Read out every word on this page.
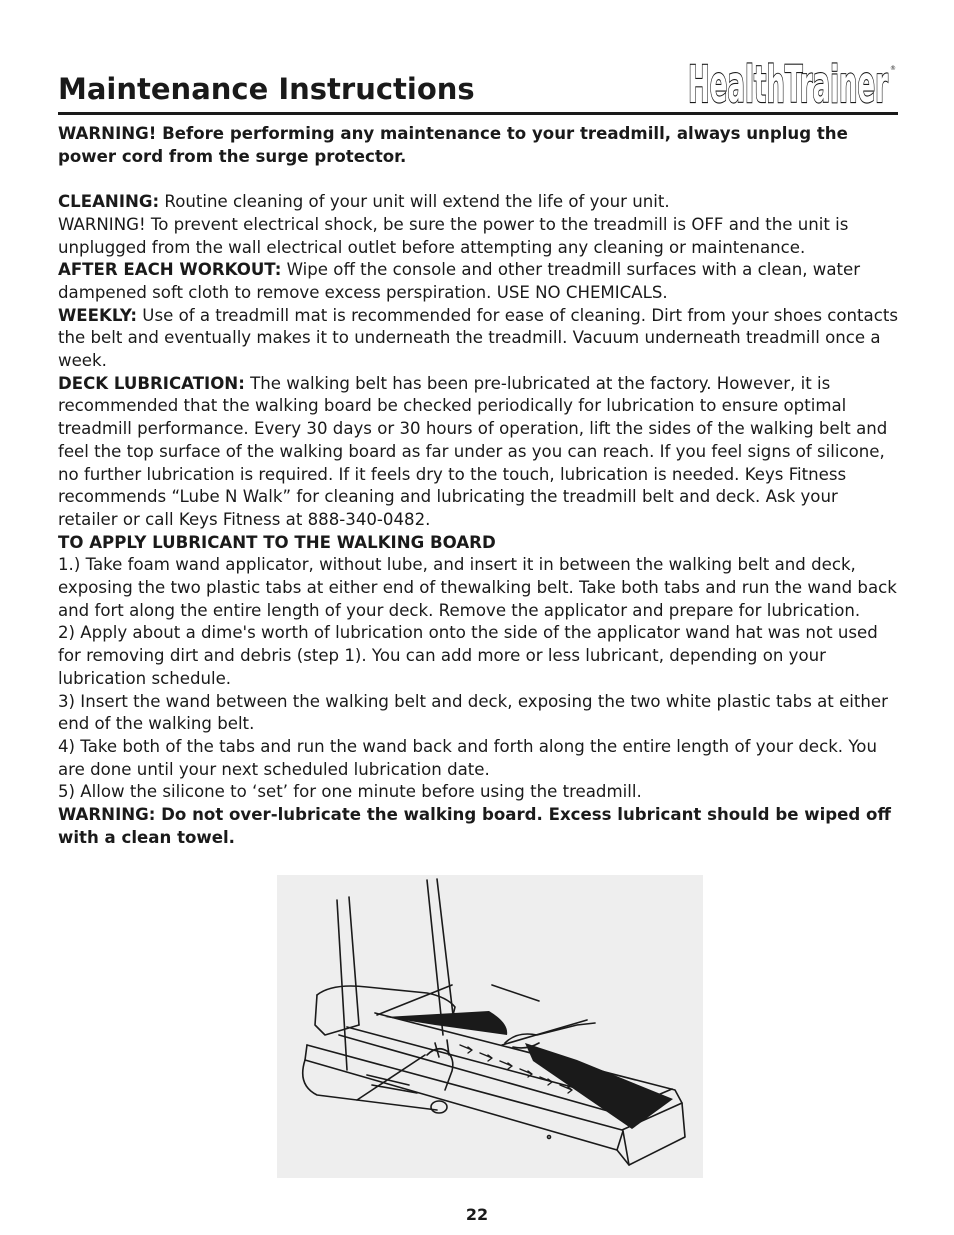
Maintenance Instructions	HealthTrainer ®

WARNING! Before performing any maintenance to your treadmill, always unplug the power cord from the surge protector.

CLEANING: Routine cleaning of your unit will extend the life of your unit.

WARNING! To prevent electrical shock, be sure the power to the treadmill is OFF and the unit is unplugged from the wall electrical outlet before attempting any cleaning or maintenance.

AFTER EACH WORKOUT: Wipe off the console and other treadmill surfaces with a clean, water dampened soft cloth to remove excess perspiration. USE NO CHEMICALS.

WEEKLY: Use of a treadmill mat is recommended for ease of cleaning. Dirt from your shoes contacts the belt and eventually makes it to underneath the treadmill. Vacuum underneath treadmill once a week.

DECK LUBRICATION: The walking belt has been pre-lubricated at the factory. However, it is recommended that the walking board be checked periodically for lubrication to ensure optimal treadmill performance. Every 30 days or 30 hours of operation, lift the sides of the walking belt and feel the top surface of the walking board as far under as you can reach. If you feel signs of silicone, no further lubrication is required. If it feels dry to the touch, lubrication is needed. Keys Fitness recommends “Lube N Walk” for cleaning and lubricating the treadmill belt and deck. Ask your retailer or call Keys Fitness at 888-340-0482.

TO APPLY LUBRICANT TO THE WALKING BOARD

1.) Take foam wand applicator, without lube, and insert it in between the walking belt and deck, exposing the two plastic tabs at either end of thewalking belt. Take both tabs and run the wand back and fort along the entire length of your deck. Remove the applicator and prepare for lubrication.

2) Apply about a dime's worth of lubrication onto the side of the applicator wand hat was not used for removing dirt and debris (step 1). You can add more or less lubricant, depending on your lubrication schedule.

3) Insert the wand between the walking belt and deck, exposing the two white plastic tabs at either end of the walking belt.

4) Take both of the tabs and run the wand back and forth along the entire length of your deck. You are done until your next scheduled lubrication date.

5) Allow the silicone to ‘set’ for one minute before using the treadmill.

WARNING: Do not over-lubricate the walking board. Excess lubricant should be wiped off with a clean towel.

22
